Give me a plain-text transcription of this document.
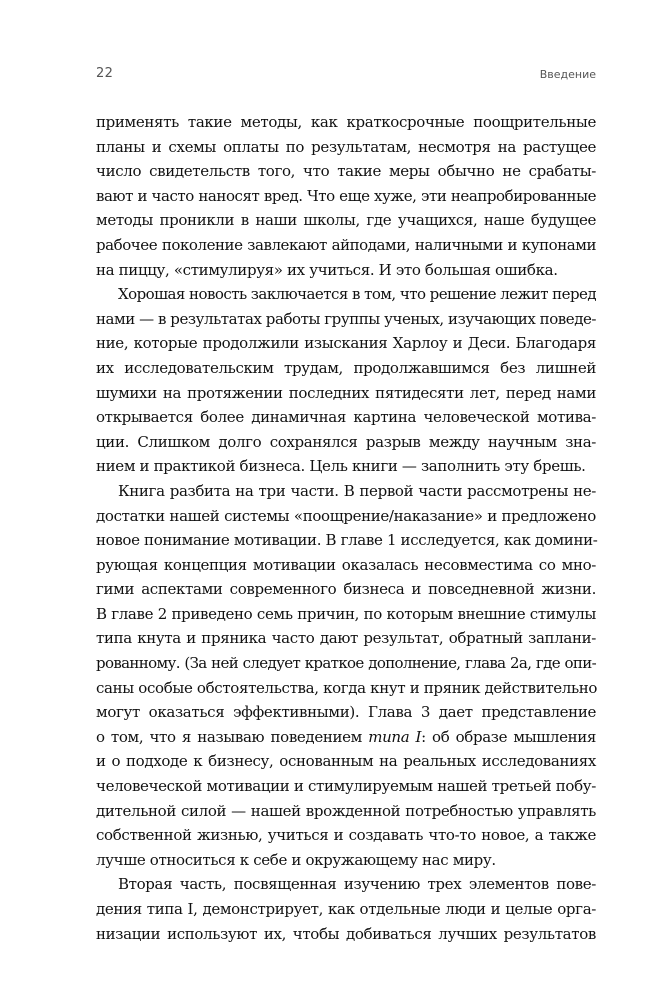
22	Введение
применять такие методы, как краткосрочные поощрительные
планы и схемы оплаты по результатам, несмотря на растущее
число свидетельств того, что такие меры обычно не срабаты-
вают и часто наносят вред. Что еще хуже, эти неапробированные
методы проникли в наши школы, где учащихся, наше будущее
рабочее поколение завлекают айподами, наличными и купонами
на пиццу, «стимулируя» их учиться. И это большая ошибка.
Хорошая новость заключается в том, что решение лежит перед
нами — в результатах работы группы ученых, изучающих поведе-
ние, которые продолжили изыскания Харлоу и Деси. Благодаря
их исследовательским трудам, продолжавшимся без лишней
шумихи на протяжении последних пятидесяти лет, перед нами
открывается более динамичная картина человеческой мотива-
ции. Слишком долго сохранялся разрыв между научным зна-
нием и практикой бизнеса. Цель книги — заполнить эту брешь.
Книга разбита на три части. В первой части рассмотрены не-
достатки нашей системы «поощрение/наказание» и предложено
новое понимание мотивации. В главе 1 исследуется, как домини-
рующая концепция мотивации оказалась несовместима со мно-
гими аспектами современного бизнеса и повседневной жизни.
В главе 2 приведено семь причин, по которым внешние стимулы
типа кнута и пряника часто дают результат, обратный заплани-
рованному. (За ней следует краткое дополнение, глава 2а, где опи-
саны особые обстоятельства, когда кнут и пряник действительно
могут оказаться эффективными). Глава 3 дает представление
о том, что я называю поведением типа I: об образе мышления
и о подходе к бизнесу, основанным на реальных исследованиях
человеческой мотивации и стимулируемым нашей третьей побу-
дительной силой — нашей врожденной потребностью управлять
собственной жизнью, учиться и создавать что-то новое, а также
лучше относиться к себе и окружающему нас миру.
Вторая часть, посвященная изучению трех элементов пове-
дения типа I, демонстрирует, как отдельные люди и целые орга-
низации используют их, чтобы добиваться лучших результатов
